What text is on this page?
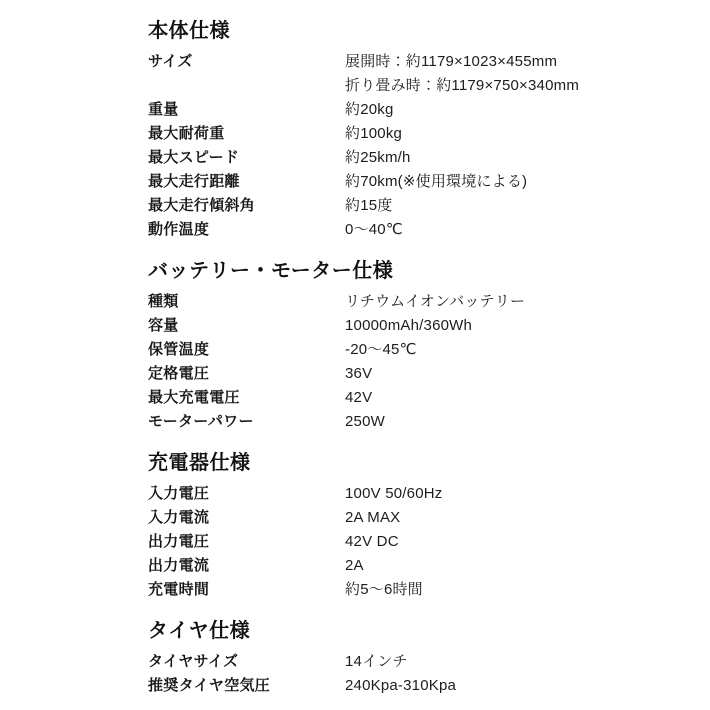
本体仕様
サイズ	展開時：約1179×1023×455mm
折り畳み時：約1179×750×340mm
重量	約20kg
最大耐荷重	約100kg
最大スピード	約25km/h
最大走行距離	約70km(※使用環境による)
最大走行傾斜角	約15度
動作温度	0～40℃
バッテリー・モーター仕様
種類	リチウムイオンバッテリー
容量	10000mAh/360Wh
保管温度	-20～45℃
定格電圧	36V
最大充電電圧	42V
モーターパワー	250W
充電器仕様
入力電圧	100V 50/60Hz
入力電流	2A MAX
出力電圧	42V DC
出力電流	2A
充電時間	約5～6時間
タイヤ仕様
タイヤサイズ	14インチ
推奨タイヤ空気圧	240Kpa-310Kpa
